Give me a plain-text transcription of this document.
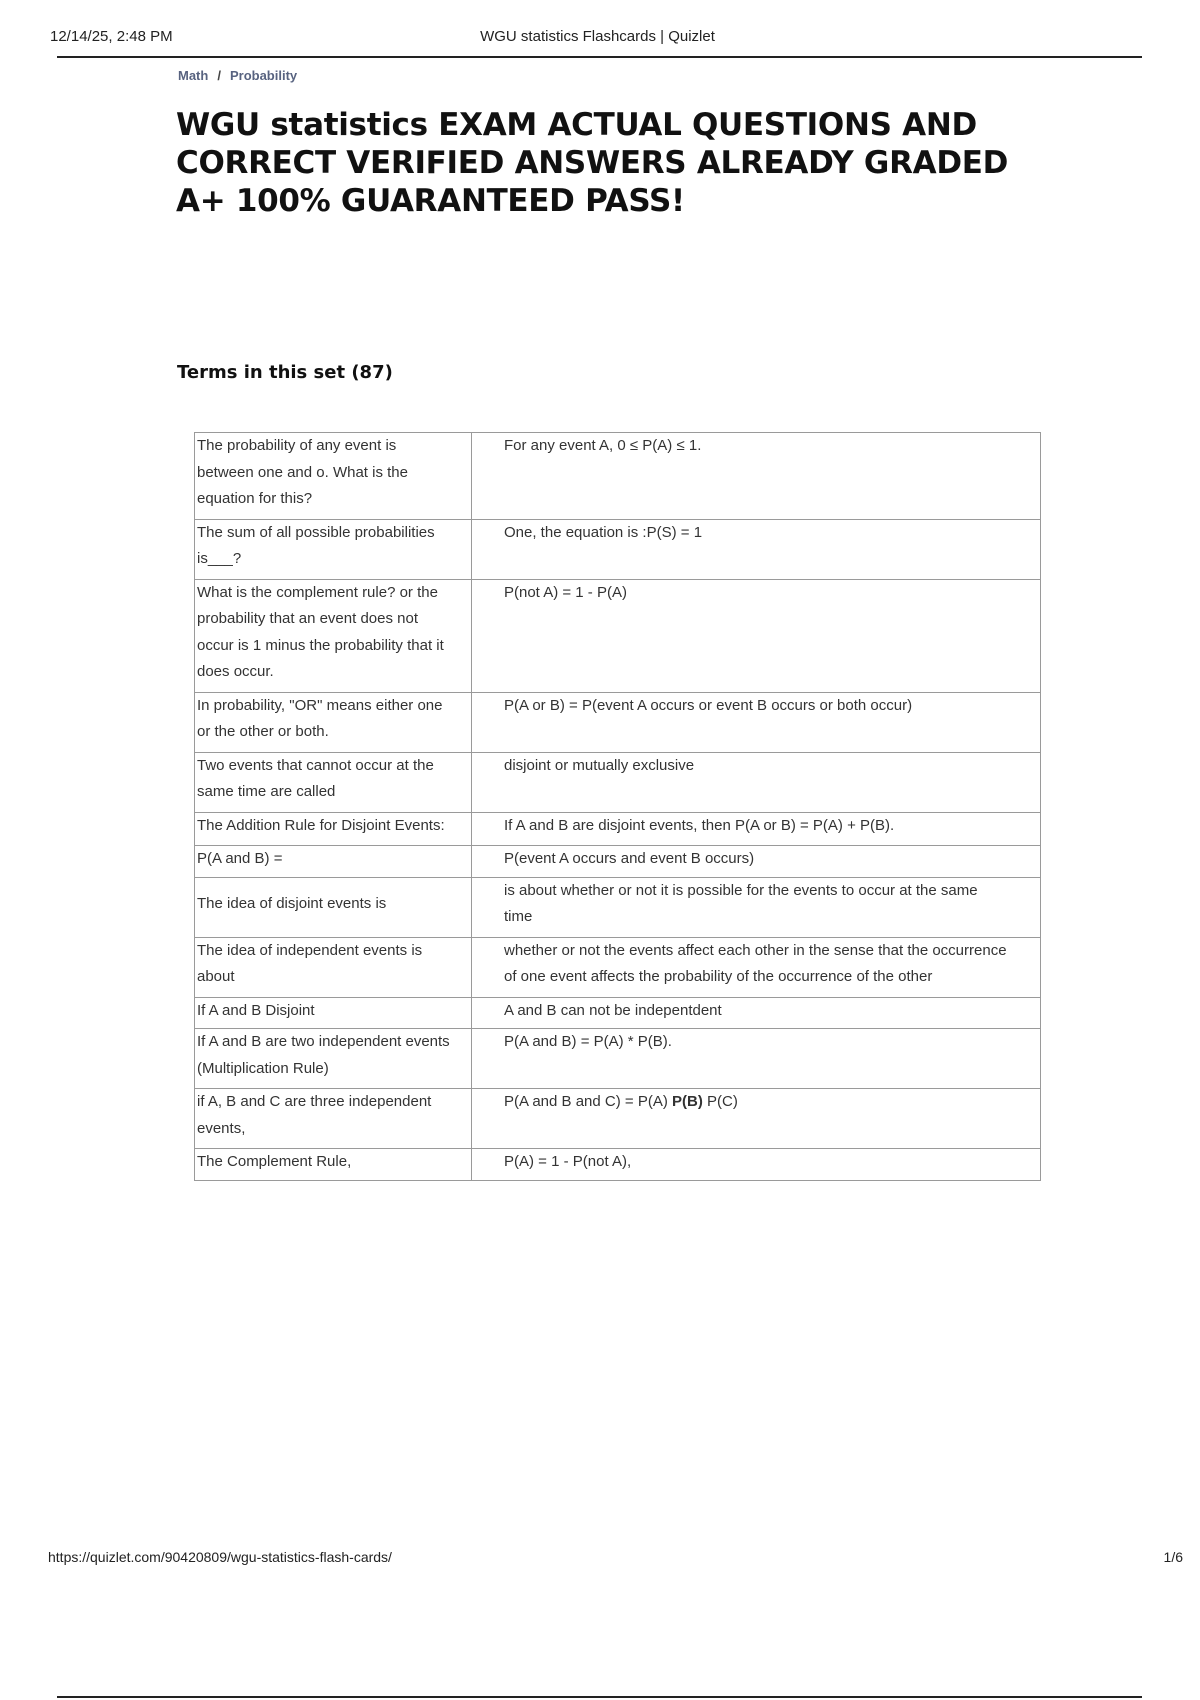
12/14/25, 2:48 PM	WGU statistics Flashcards | Quizlet
Math / Probability
WGU statistics EXAM ACTUAL QUESTIONS AND CORRECT VERIFIED ANSWERS ALREADY GRADED A+ 100% GUARANTEED PASS!
Terms in this set (87)
The probability of any event is between one and o. What is the equation for this?	For any event A, 0 ≤ P(A) ≤ 1.
The sum of all possible probabilities is___?	One, the equation is :P(S) = 1
What is the complement rule? or the probability that an event does not occur is 1 minus the probability that it does occur.	P(not A) = 1 - P(A)
In probability, "OR" means either one or the other or both.	P(A or B) = P(event A occurs or event B occurs or both occur)
Two events that cannot occur at the same time are called	disjoint or mutually exclusive
The Addition Rule for Disjoint Events:	If A and B are disjoint events, then P(A or B) = P(A) + P(B).
P(A and B) =	P(event A occurs and event B occurs)
The idea of disjoint events is	is about whether or not it is possible for the events to occur at the same time
The idea of independent events is about	whether or not the events affect each other in the sense that the occurrence of one event affects the probability of the occurrence of the other
If A and B Disjoint	A and B can not be indepentdent
If A and B are two independent events (Multiplication Rule)	P(A and B) = P(A) * P(B).
if A, B and C are three independent events,	P(A and B and C) = P(A) P(B) P(C)
The Complement Rule,	P(A) = 1 - P(not A),
https://quizlet.com/90420809/wgu-statistics-flash-cards/	1/6
